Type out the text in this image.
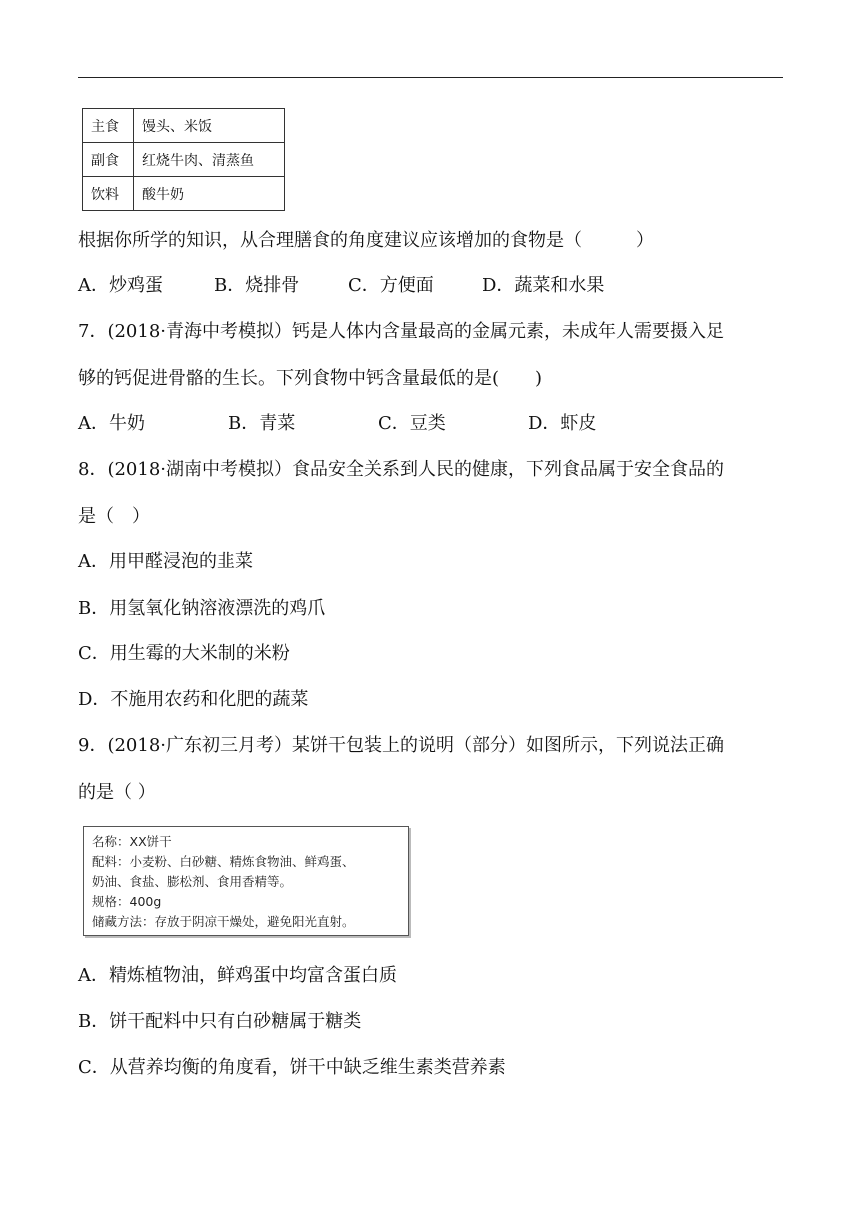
主食	馒头、米饭
副食	红烧牛肉、清蒸鱼
饮料	酸牛奶

根据你所学的知识，从合理膳食的角度建议应该增加的食物是（　　　）

A．炒鸡蛋	B．烧排骨	C．方便面	D．蔬菜和水果

7．(2018·青海中考模拟）钙是人体内含量最高的金属元素，未成年人需要摄入足

够的钙促进骨骼的生长。下列食物中钙含量最低的是(　　)

A．牛奶	B．青菜	C．豆类	D．虾皮

8．(2018·湖南中考模拟）食品安全关系到人民的健康，下列食品属于安全食品的

是（　）

A．用甲醛浸泡的韭菜

B．用氢氧化钠溶液漂洗的鸡爪

C．用生霉的大米制的米粉

D．不施用农药和化肥的蔬菜

9．(2018·广东初三月考）某饼干包装上的说明（部分）如图所示，下列说法正确

的是（ ）

名称：XX饼干
配料：小麦粉、白砂糖、精炼食物油、鲜鸡蛋、
奶油、食盐、膨松剂、食用香精等。
规格：400g
储藏方法：存放于阴凉干燥处，避免阳光直射。

A．精炼植物油，鲜鸡蛋中均富含蛋白质

B．饼干配料中只有白砂糖属于糖类

C．从营养均衡的角度看，饼干中缺乏维生素类营养素
